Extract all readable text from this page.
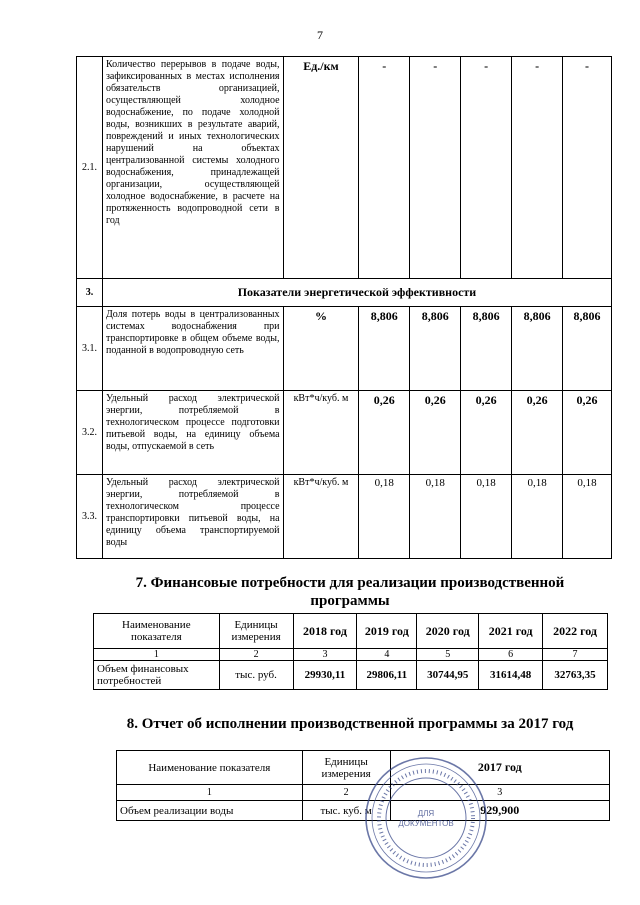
7
2.1.	Количество перерывов в подаче воды, зафиксированных в местах исполнения обязательств организацией, осуществляющей холодное водоснабжение, по подаче холодной воды, возникших в результате аварий, повреждений и иных технологических нарушений на объектах централизованной системы холодного водоснабжения, принадлежащей организации, осуществляющей холодное водоснабжение, в расчете на протяженность водопроводной сети в год	Ед./км	-	-	-	-	-
3.	Показатели энергетической эффективности						
3.1.	Доля потерь воды в централизованных системах водоснабжения при транспортировке в общем объеме воды, поданной в водопроводную сеть	%	8,806	8,806	8,806	8,806	8,806
3.2.	Удельный расход электрической энергии, потребляемой в технологическом процессе подготовки питьевой воды, на единицу объема воды, отпускаемой в сеть	кВт*ч/куб. м	0,26	0,26	0,26	0,26	0,26
3.3.	Удельный расход электрической энергии, потребляемой в технологическом процессе транспортировки питьевой воды, на единицу объема транспортируемой воды	кВт*ч/куб. м	0,18	0,18	0,18	0,18	0,18
7. Финансовые потребности для реализации производственной программы
Наименование показателя	Единицы измерения	2018 год	2019 год	2020 год	2021 год	2022 год
1	2	3	4	5	6	7
Объем финансовых потребностей	тыс. руб.	29930,11	29806,11	30744,95	31614,48	32763,35
8. Отчет об исполнении производственной программы за 2017 год
Наименование показателя	Единицы измерения	2017 год
1	2	3
Объем реализации воды	тыс. куб. м	929,900
ДЛЯ
ДОКУМЕНТОВ
